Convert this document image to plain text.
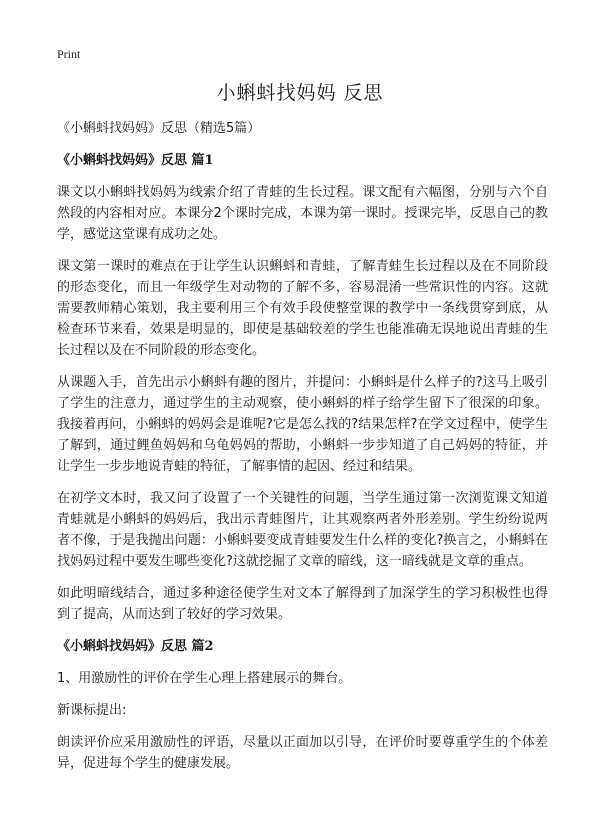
Print
小蝌蚪找妈妈 反思

《小蝌蚪找妈妈》反思（精选5篇）

《小蝌蚪找妈妈》反思 篇1

课文以小蝌蚪找妈妈为线索介绍了青蛙的生长过程。课文配有六幅图，分别与六个自然段的内容相对应。本课分2个课时完成，本课为第一课时。授课完毕，反思自己的教学，感觉这堂课有成功之处。

课文第一课时的难点在于让学生认识蝌蚪和青蛙，了解青蛙生长过程以及在不同阶段的形态变化，而且一年级学生对动物的了解不多，容易混淆一些常识性的内容。这就需要教师精心策划，我主要利用三个有效手段使整堂课的教学中一条线贯穿到底，从检查环节来看，效果是明显的，即使是基础较差的学生也能准确无误地说出青蛙的生长过程以及在不同阶段的形态变化。

从课题入手，首先出示小蝌蚪有趣的图片，并提问：小蝌蚪是什么样子的?这马上吸引了学生的注意力，通过学生的主动观察，使小蝌蚪的样子给学生留下了很深的印象。我接着再问，小蝌蚪的妈妈会是谁呢?它是怎么找的?结果怎样?在学文过程中，使学生了解到，通过鲤鱼妈妈和乌龟妈妈的帮助，小蝌蚪一步步知道了自己妈妈的特征，并让学生一步步地说青蛙的特征，了解事情的起因、经过和结果。

在初学文本时，我又问了设置了一个关键性的问题，当学生通过第一次浏览课文知道青蛙就是小蝌蚪的妈妈后，我出示青蛙图片，让其观察两者外形差别。学生纷纷说两者不像，于是我抛出问题：小蝌蚪要变成青蛙要发生什么样的变化?换言之，小蝌蚪在找妈妈过程中要发生哪些变化?这就挖掘了文章的暗线，这一暗线就是文章的重点。

如此明暗线结合，通过多种途径使学生对文本了解得到了加深学生的学习积极性也得到了提高，从而达到了较好的学习效果。

《小蝌蚪找妈妈》反思 篇2

1、用激励性的评价在学生心理上搭建展示的舞台。

新课标提出:

朗读评价应采用激励性的评语，尽量以正面加以引导，在评价时要尊重学生的个体差异，促进每个学生的健康发展。
